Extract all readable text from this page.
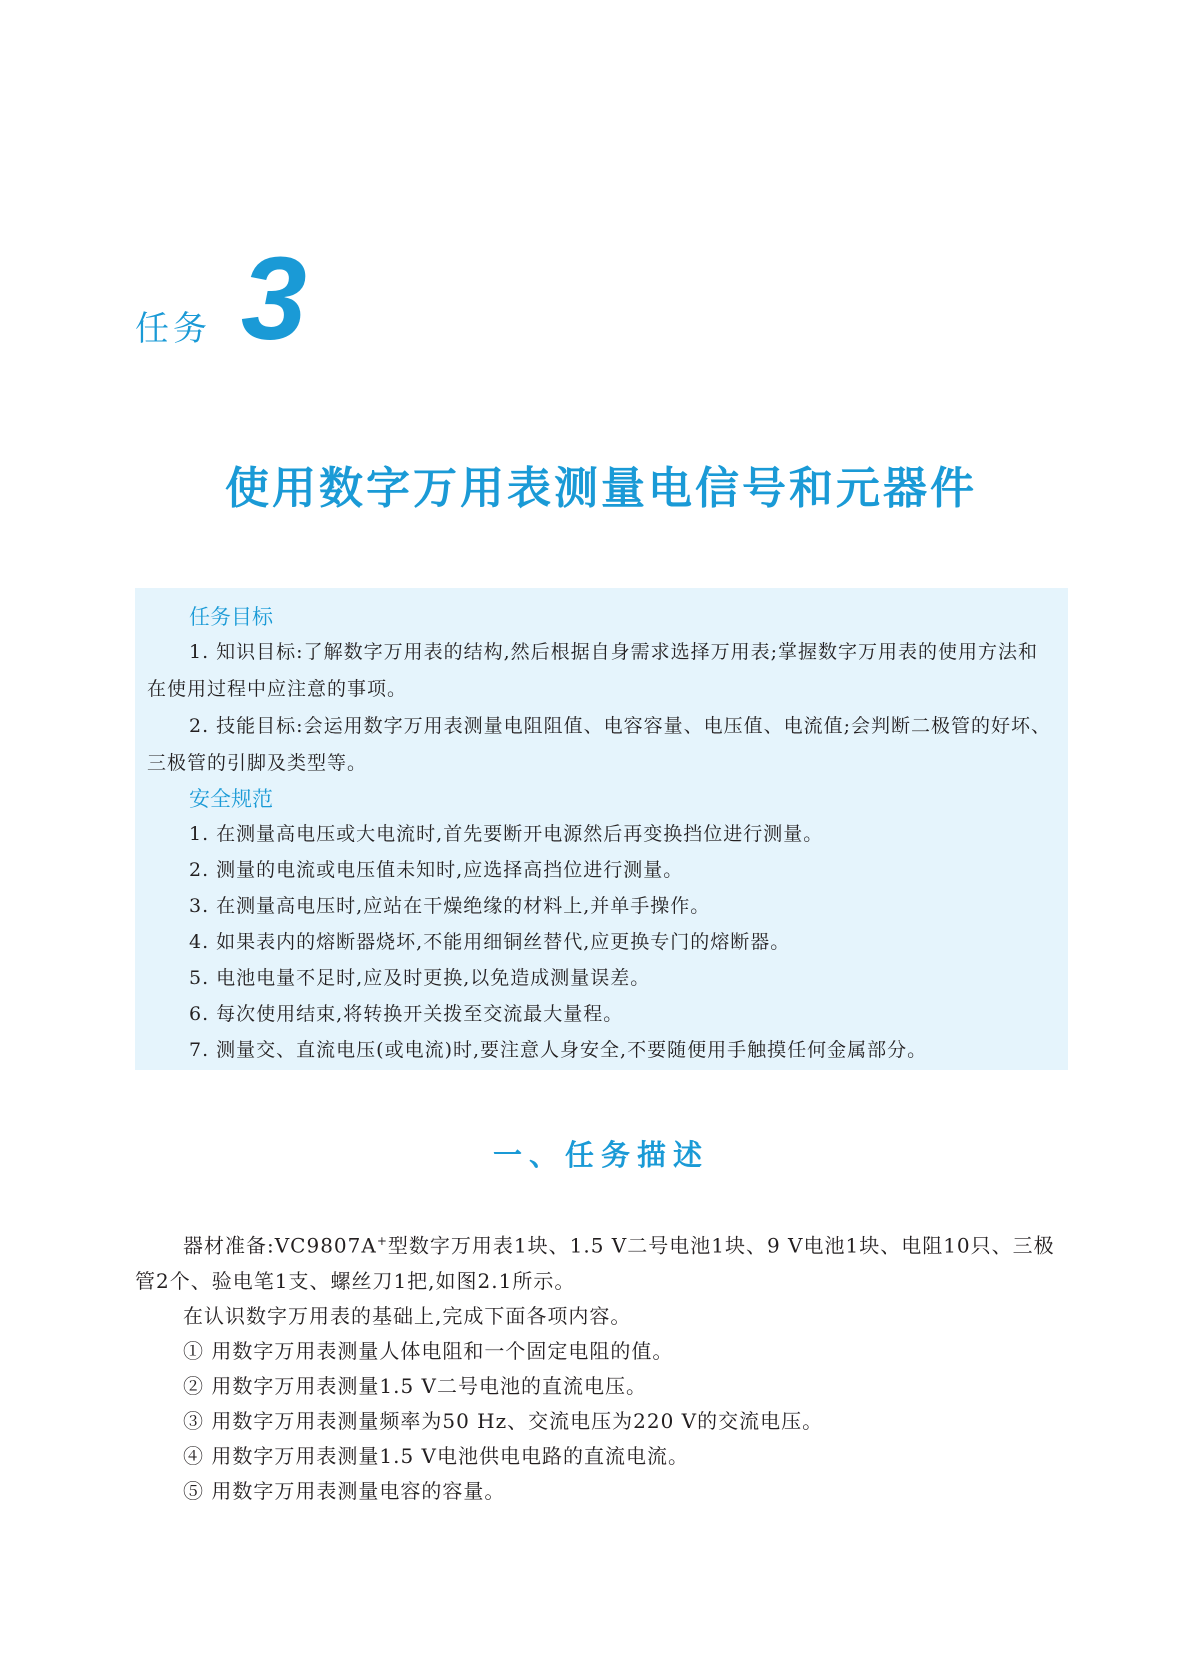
任务 3
使用数字万用表测量电信号和元器件
任务目标

1. 知识目标:了解数字万用表的结构,然后根据自身需求选择万用表;掌握数字万用表的使用方法和在使用过程中应注意的事项。

2. 技能目标:会运用数字万用表测量电阻阻值、电容容量、电压值、电流值;会判断二极管的好坏、三极管的引脚及类型等。

安全规范

1. 在测量高电压或大电流时,首先要断开电源然后再变换挡位进行测量。

2. 测量的电流或电压值未知时,应选择高挡位进行测量。

3. 在测量高电压时,应站在干燥绝缘的材料上,并单手操作。

4. 如果表内的熔断器烧坏,不能用细铜丝替代,应更换专门的熔断器。

5. 电池电量不足时,应及时更换,以免造成测量误差。

6. 每次使用结束,将转换开关拨至交流最大量程。

7. 测量交、直流电压(或电流)时,要注意人身安全,不要随便用手触摸任何金属部分。

一、任务描述

器材准备:VC9807A+型数字万用表1块、1.5 V二号电池1块、9 V电池1块、电阻10只、三极管2个、验电笔1支、螺丝刀1把,如图2.1所示。

在认识数字万用表的基础上,完成下面各项内容。

① 用数字万用表测量人体电阻和一个固定电阻的值。

② 用数字万用表测量1.5 V二号电池的直流电压。

③ 用数字万用表测量频率为50 Hz、交流电压为220 V的交流电压。

④ 用数字万用表测量1.5 V电池供电电路的直流电流。

⑤ 用数字万用表测量电容的容量。
